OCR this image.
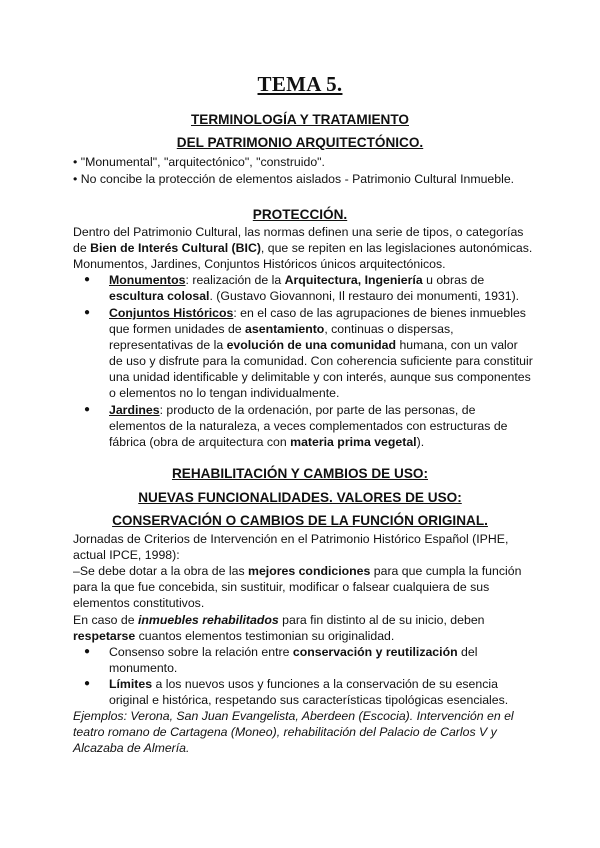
TEMA 5.
TERMINOLOGÍA Y TRATAMIENTO
DEL PATRIMONIO ARQUITECTÓNICO.
• "Monumental", "arquitectónico", "construido".
• No concibe la protección de elementos aislados - Patrimonio Cultural Inmueble.
PROTECCIÓN.
Dentro del Patrimonio Cultural, las normas definen una serie de tipos, o categorías
de Bien de Interés Cultural (BIC), que se repiten en las legislaciones autonómicas.
Monumentos, Jardines, Conjuntos Históricos únicos arquitectónicos.
● Monumentos: realización de la Arquitectura, Ingeniería u obras de
escultura colosal. (Gustavo Giovannoni, Il restauro dei monumenti, 1931).
● Conjuntos Históricos: en el caso de las agrupaciones de bienes inmuebles
que formen unidades de asentamiento, continuas o dispersas,
representativas de la evolución de una comunidad humana, con un valor
de uso y disfrute para la comunidad. Con coherencia suficiente para constituir
una unidad identificable y delimitable y con interés, aunque sus componentes
o elementos no lo tengan individualmente.
● Jardines: producto de la ordenación, por parte de las personas, de
elementos de la naturaleza, a veces complementados con estructuras de
fábrica (obra de arquitectura con materia prima vegetal).
REHABILITACIÓN Y CAMBIOS DE USO:
NUEVAS FUNCIONALIDADES. VALORES DE USO:
CONSERVACIÓN O CAMBIOS DE LA FUNCIÓN ORIGINAL.
Jornadas de Criterios de Intervención en el Patrimonio Histórico Español (IPHE,
actual IPCE, 1998):
–Se debe dotar a la obra de las mejores condiciones para que cumpla la función
para la que fue concebida, sin sustituir, modificar o falsear cualquiera de sus
elementos constitutivos.
En caso de inmuebles rehabilitados para fin distinto al de su inicio, deben
respetarse cuantos elementos testimonian su originalidad.
● Consenso sobre la relación entre conservación y reutilización del
monumento.
● Límites a los nuevos usos y funciones a la conservación de su esencia
original e histórica, respetando sus características tipológicas esenciales.
Ejemplos: Verona, San Juan Evangelista, Aberdeen (Escocia). Intervención en el
teatro romano de Cartagena (Moneo), rehabilitación del Palacio de Carlos V y
Alcazaba de Almería.
